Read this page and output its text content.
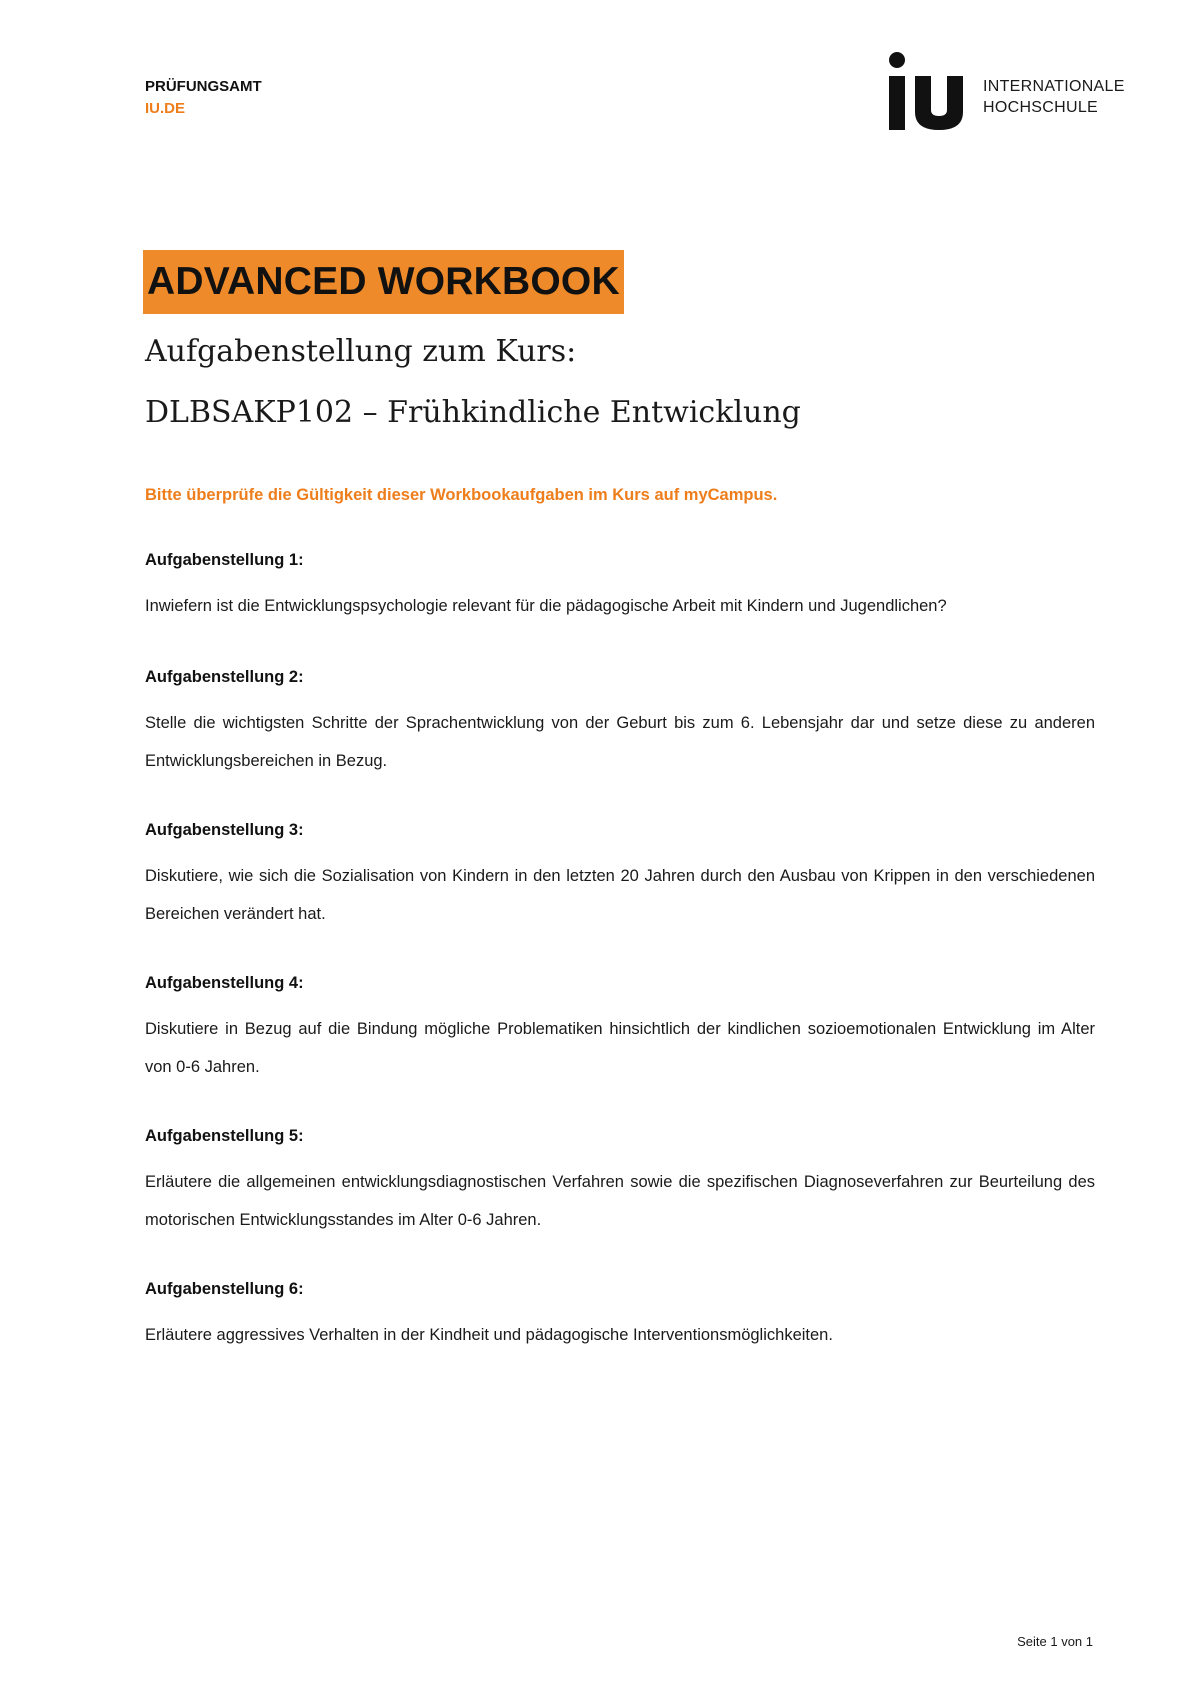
PRÜFUNGSAMT
IU.DE
INTERNATIONALE
HOCHSCHULE
ADVANCED WORKBOOK
Aufgabenstellung zum Kurs:
DLBSAKP102 – Frühkindliche Entwicklung
Bitte überprüfe die Gültigkeit dieser Workbookaufgaben im Kurs auf myCampus.

Aufgabenstellung 1:

Inwiefern ist die Entwicklungspsychologie relevant für die pädagogische Arbeit mit Kindern und Jugendlichen?

Aufgabenstellung 2:

Stelle die wichtigsten Schritte der Sprachentwicklung von der Geburt bis zum 6. Lebensjahr dar und setze diese zu anderen Entwicklungsbereichen in Bezug.

Aufgabenstellung 3:

Diskutiere, wie sich die Sozialisation von Kindern in den letzten 20 Jahren durch den Ausbau von Krippen in den verschiedenen Bereichen verändert hat.

Aufgabenstellung 4:

Diskutiere in Bezug auf die Bindung mögliche Problematiken hinsichtlich der kindlichen sozioemotionalen Entwicklung im Alter von 0-6 Jahren.

Aufgabenstellung 5:

Erläutere die allgemeinen entwicklungsdiagnostischen Verfahren sowie die spezifischen Diagnoseverfahren zur Beurteilung des motorischen Entwicklungsstandes im Alter 0-6 Jahren.

Aufgabenstellung 6:

Erläutere aggressives Verhalten in der Kindheit und pädagogische Interventionsmöglichkeiten.

Seite 1 von 1
